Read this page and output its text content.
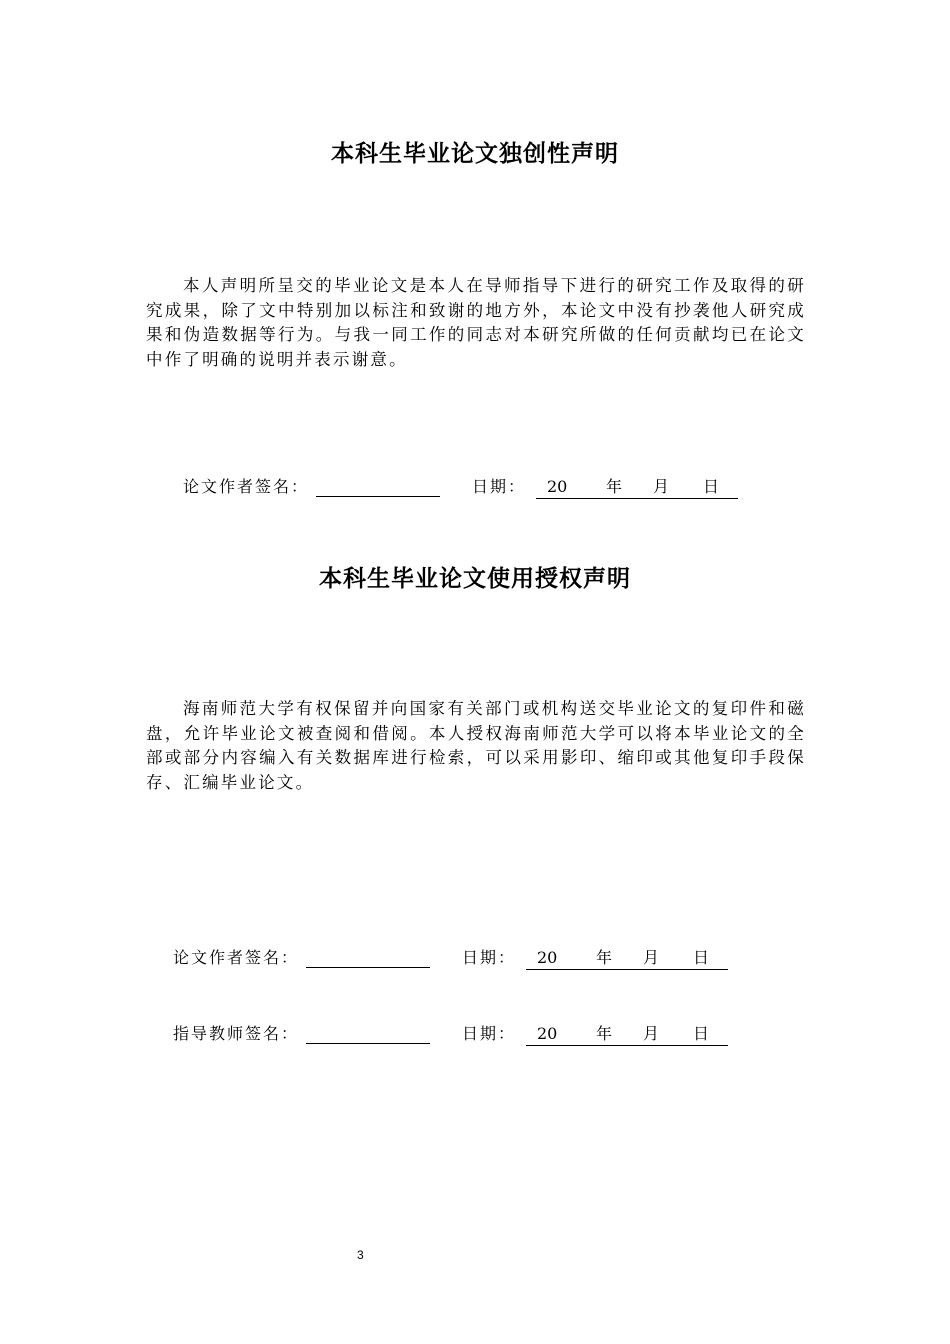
本科生毕业论文独创性声明

本人声明所呈交的毕业论文是本人在导师指导下进行的研究工作及取得的研究成果，除了文中特别加以标注和致谢的地方外，本论文中没有抄袭他人研究成果和伪造数据等行为。与我一同工作的同志对本研究所做的任何贡献均已在论文中作了明确的说明并表示谢意。

论文作者签名：	日期： 20 年 月 日
本科生毕业论文使用授权声明

海南师范大学有权保留并向国家有关部门或机构送交毕业论文的复印件和磁盘，允许毕业论文被查阅和借阅。本人授权海南师范大学可以将本毕业论文的全部或部分内容编入有关数据库进行检索，可以采用影印、缩印或其他复印手段保存、汇编毕业论文。

论文作者签名：	日期： 20 年 月 日
指导教师签名：	日期： 20 年 月 日
3
